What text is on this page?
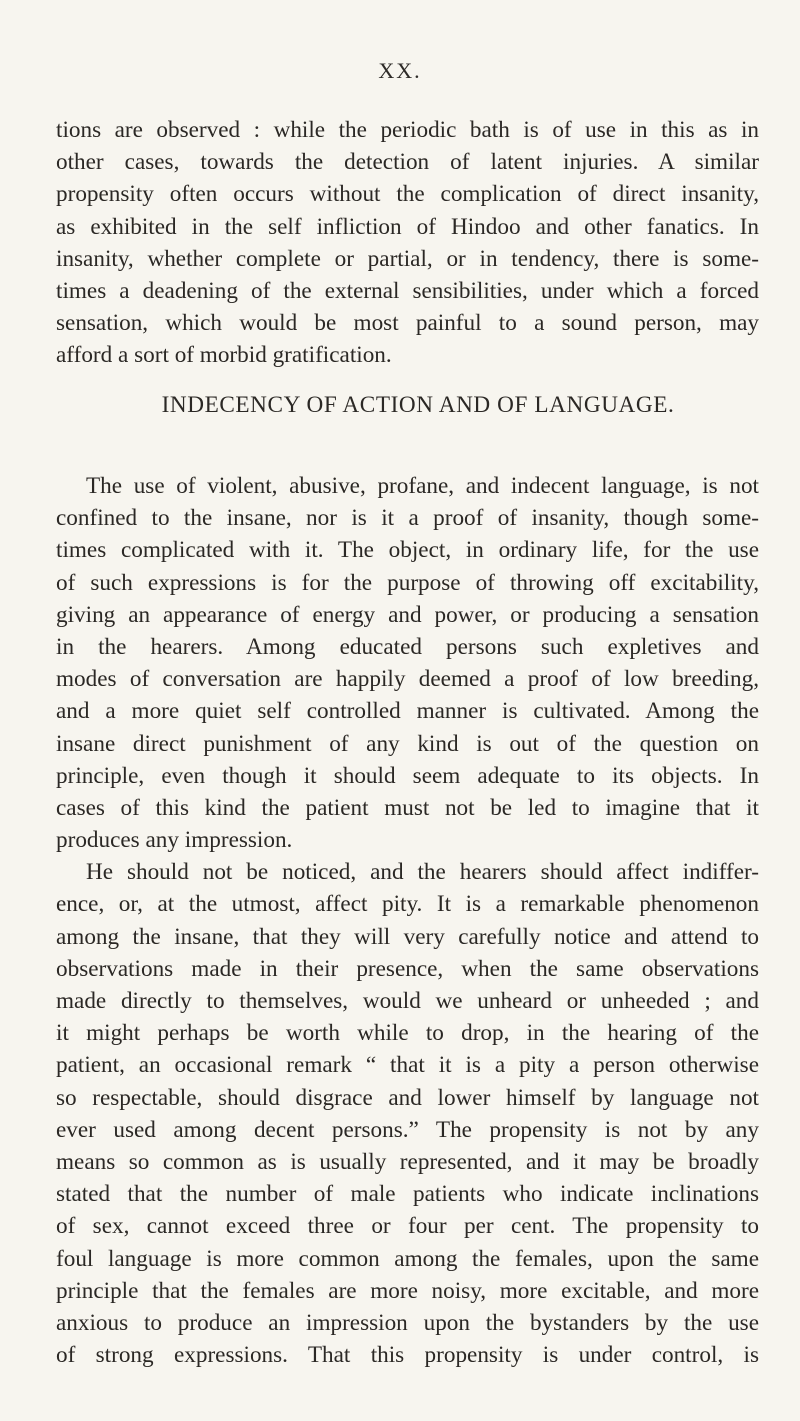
XX.
tions are observed : while the periodic bath is of use in this as in
other cases, towards the detection of latent injuries. A similar
propensity often occurs without the complication of direct insanity,
as exhibited in the self infliction of Hindoo and other fanatics. In
insanity, whether complete or partial, or in tendency, there is some-
times a deadening of the external sensibilities, under which a forced
sensation, which would be most painful to a sound person, may
afford a sort of morbid gratification.
INDECENCY OF ACTION AND OF LANGUAGE.
The use of violent, abusive, profane, and indecent language, is not
confined to the insane, nor is it a proof of insanity, though some-
times complicated with it. The object, in ordinary life, for the use
of such expressions is for the purpose of throwing off excitability,
giving an appearance of energy and power, or producing a sensation
in the hearers. Among educated persons such expletives and
modes of conversation are happily deemed a proof of low breeding,
and a more quiet self controlled manner is cultivated. Among the
insane direct punishment of any kind is out of the question on
principle, even though it should seem adequate to its objects. In
cases of this kind the patient must not be led to imagine that it
produces any impression.
He should not be noticed, and the hearers should affect indiffer-
ence, or, at the utmost, affect pity. It is a remarkable phenomenon
among the insane, that they will very carefully notice and attend to
observations made in their presence, when the same observations
made directly to themselves, would we unheard or unheeded ; and
it might perhaps be worth while to drop, in the hearing of the
patient, an occasional remark “ that it is a pity a person otherwise
so respectable, should disgrace and lower himself by language not
ever used among decent persons.” The propensity is not by any
means so common as is usually represented, and it may be broadly
stated that the number of male patients who indicate inclinations
of sex, cannot exceed three or four per cent. The propensity to
foul language is more common among the females, upon the same
principle that the females are more noisy, more excitable, and more
anxious to produce an impression upon the bystanders by the use
of strong expressions. That this propensity is under control, is
